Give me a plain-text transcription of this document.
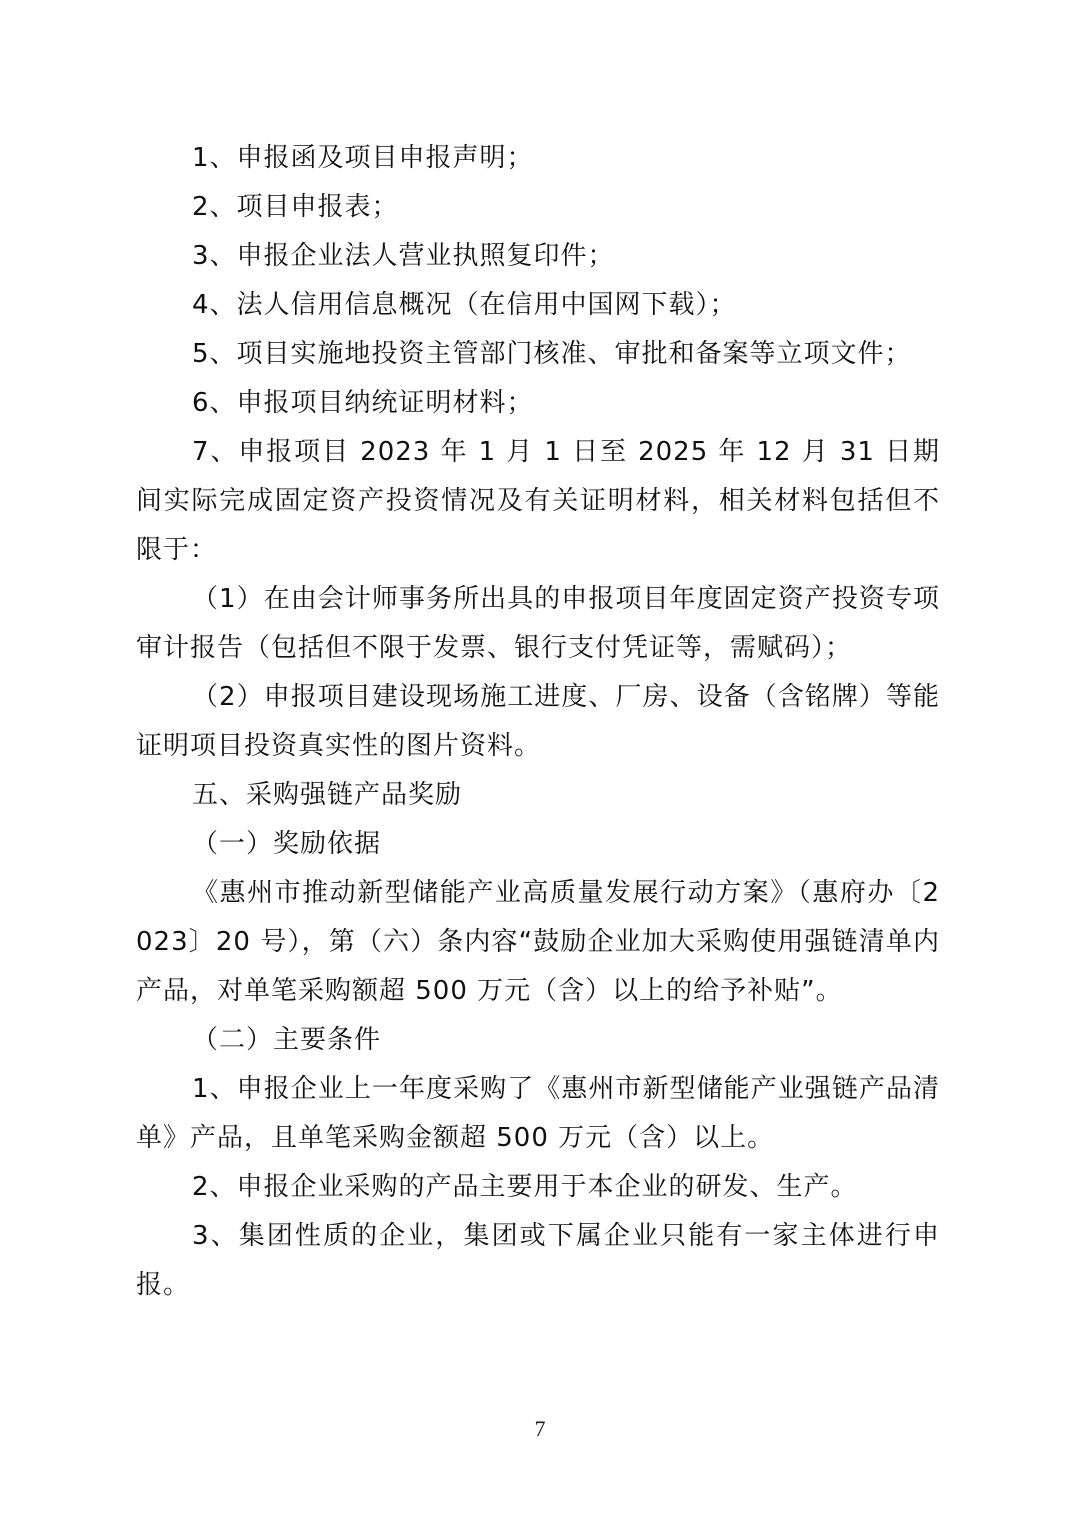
1、申报函及项目申报声明；

2、项目申报表；

3、申报企业法人营业执照复印件；

4、法人信用信息概况（在信用中国网下载）；

5、项目实施地投资主管部门核准、审批和备案等立项文件；

6、申报项目纳统证明材料；

7、申报项目 2023 年 1 月 1 日至 2025 年 12 月 31 日期间实际完成固定资产投资情况及有关证明材料，相关材料包括但不限于：

（1）在由会计师事务所出具的申报项目年度固定资产投资专项审计报告（包括但不限于发票、银行支付凭证等，需赋码）；

（2）申报项目建设现场施工进度、厂房、设备（含铭牌）等能证明项目投资真实性的图片资料。

五、采购强链产品奖励

（一）奖励依据

《惠州市推动新型储能产业高质量发展行动方案》（惠府办〔2023〕20 号），第（六）条内容“鼓励企业加大采购使用强链清单内产品，对单笔采购额超 500 万元（含）以上的给予补贴”。

（二）主要条件

1、申报企业上一年度采购了《惠州市新型储能产业强链产品清单》产品，且单笔采购金额超 500 万元（含）以上。

2、申报企业采购的产品主要用于本企业的研发、生产。

3、集团性质的企业，集团或下属企业只能有一家主体进行申报。

7
